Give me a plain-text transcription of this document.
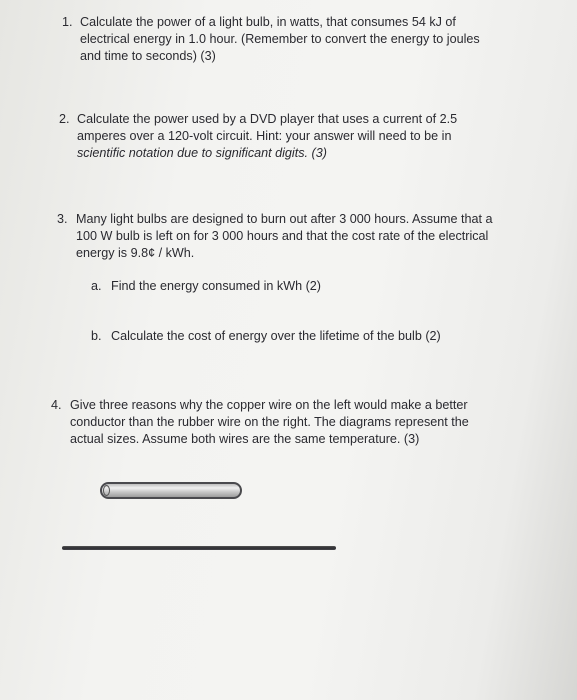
1. Calculate the power of a light bulb, in watts, that consumes 54 kJ of
electrical energy in 1.0 hour. (Remember to convert the energy to joules
and time to seconds) (3)
2. Calculate the power used by a DVD player that uses a current of 2.5
amperes over a 120-volt circuit. Hint: your answer will need to be in
scientific notation due to significant digits. (3)
3. Many light bulbs are designed to burn out after 3 000 hours. Assume that a
100 W bulb is left on for 3 000 hours and that the cost rate of the electrical
energy is 9.8¢ / kWh.
a. Find the energy consumed in kWh (2)
b. Calculate the cost of energy over the lifetime of the bulb (2)
4. Give three reasons why the copper wire on the left would make a better
conductor than the rubber wire on the right. The diagrams represent the
actual sizes. Assume both wires are the same temperature. (3)
